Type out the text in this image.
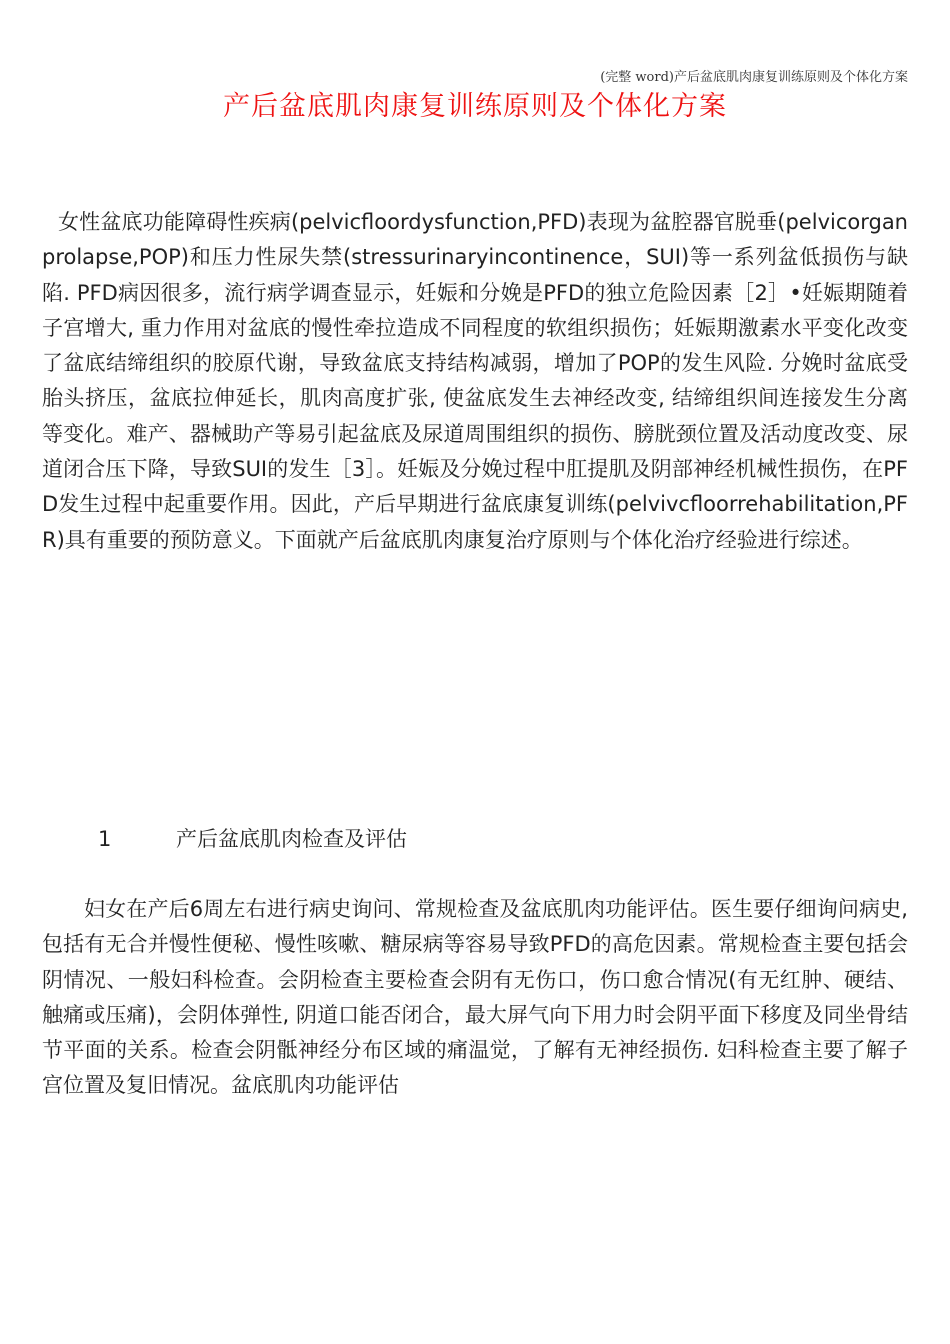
(完整 word)产后盆底肌肉康复训练原则及个体化方案
产后盆底肌肉康复训练原则及个体化方案

女性盆底功能障碍性疾病(pelvicfloordysfunction,PFD)表现为盆腔器官脱垂(pelvicorganprolapse,POP)和压力性尿失禁(stressurinaryincontinence，SUI)等一系列盆低损伤与缺陷. PFD病因很多，流行病学调查显示，妊娠和分娩是PFD的独立危险因素［2］•妊娠期随着子宫增大, 重力作用对盆底的慢性牵拉造成不同程度的软组织损伤；妊娠期激素水平变化改变了盆底结缔组织的胶原代谢，导致盆底支持结构减弱，增加了POP的发生风险. 分娩时盆底受胎头挤压，盆底拉伸延长，肌肉高度扩张, 使盆底发生去神经改变, 结缔组织间连接发生分离等变化。难产、器械助产等易引起盆底及尿道周围组织的损伤、膀胱颈位置及活动度改变、尿道闭合压下降，导致SUI的发生［3］。妊娠及分娩过程中肛提肌及阴部神经机械性损伤，在PFD发生过程中起重要作用。因此，产后早期进行盆底康复训练(pelvivcfloorrehabilitation,PFR)具有重要的预防意义。下面就产后盆底肌肉康复治疗原则与个体化治疗经验进行综述。

1	产后盆底肌肉检查及评估

妇女在产后6周左右进行病史询问、常规检查及盆底肌肉功能评估。医生要仔细询问病史, 包括有无合并慢性便秘、慢性咳嗽、糖尿病等容易导致PFD的高危因素。常规检查主要包括会阴情况、一般妇科检查。会阴检查主要检查会阴有无伤口，伤口愈合情况(有无红肿、硬结、触痛或压痛)，会阴体弹性, 阴道口能否闭合，最大屏气向下用力时会阴平面下移度及同坐骨结节平面的关系。检查会阴骶神经分布区域的痛温觉，了解有无神经损伤. 妇科检查主要了解子宫位置及复旧情况。盆底肌肉功能评估
